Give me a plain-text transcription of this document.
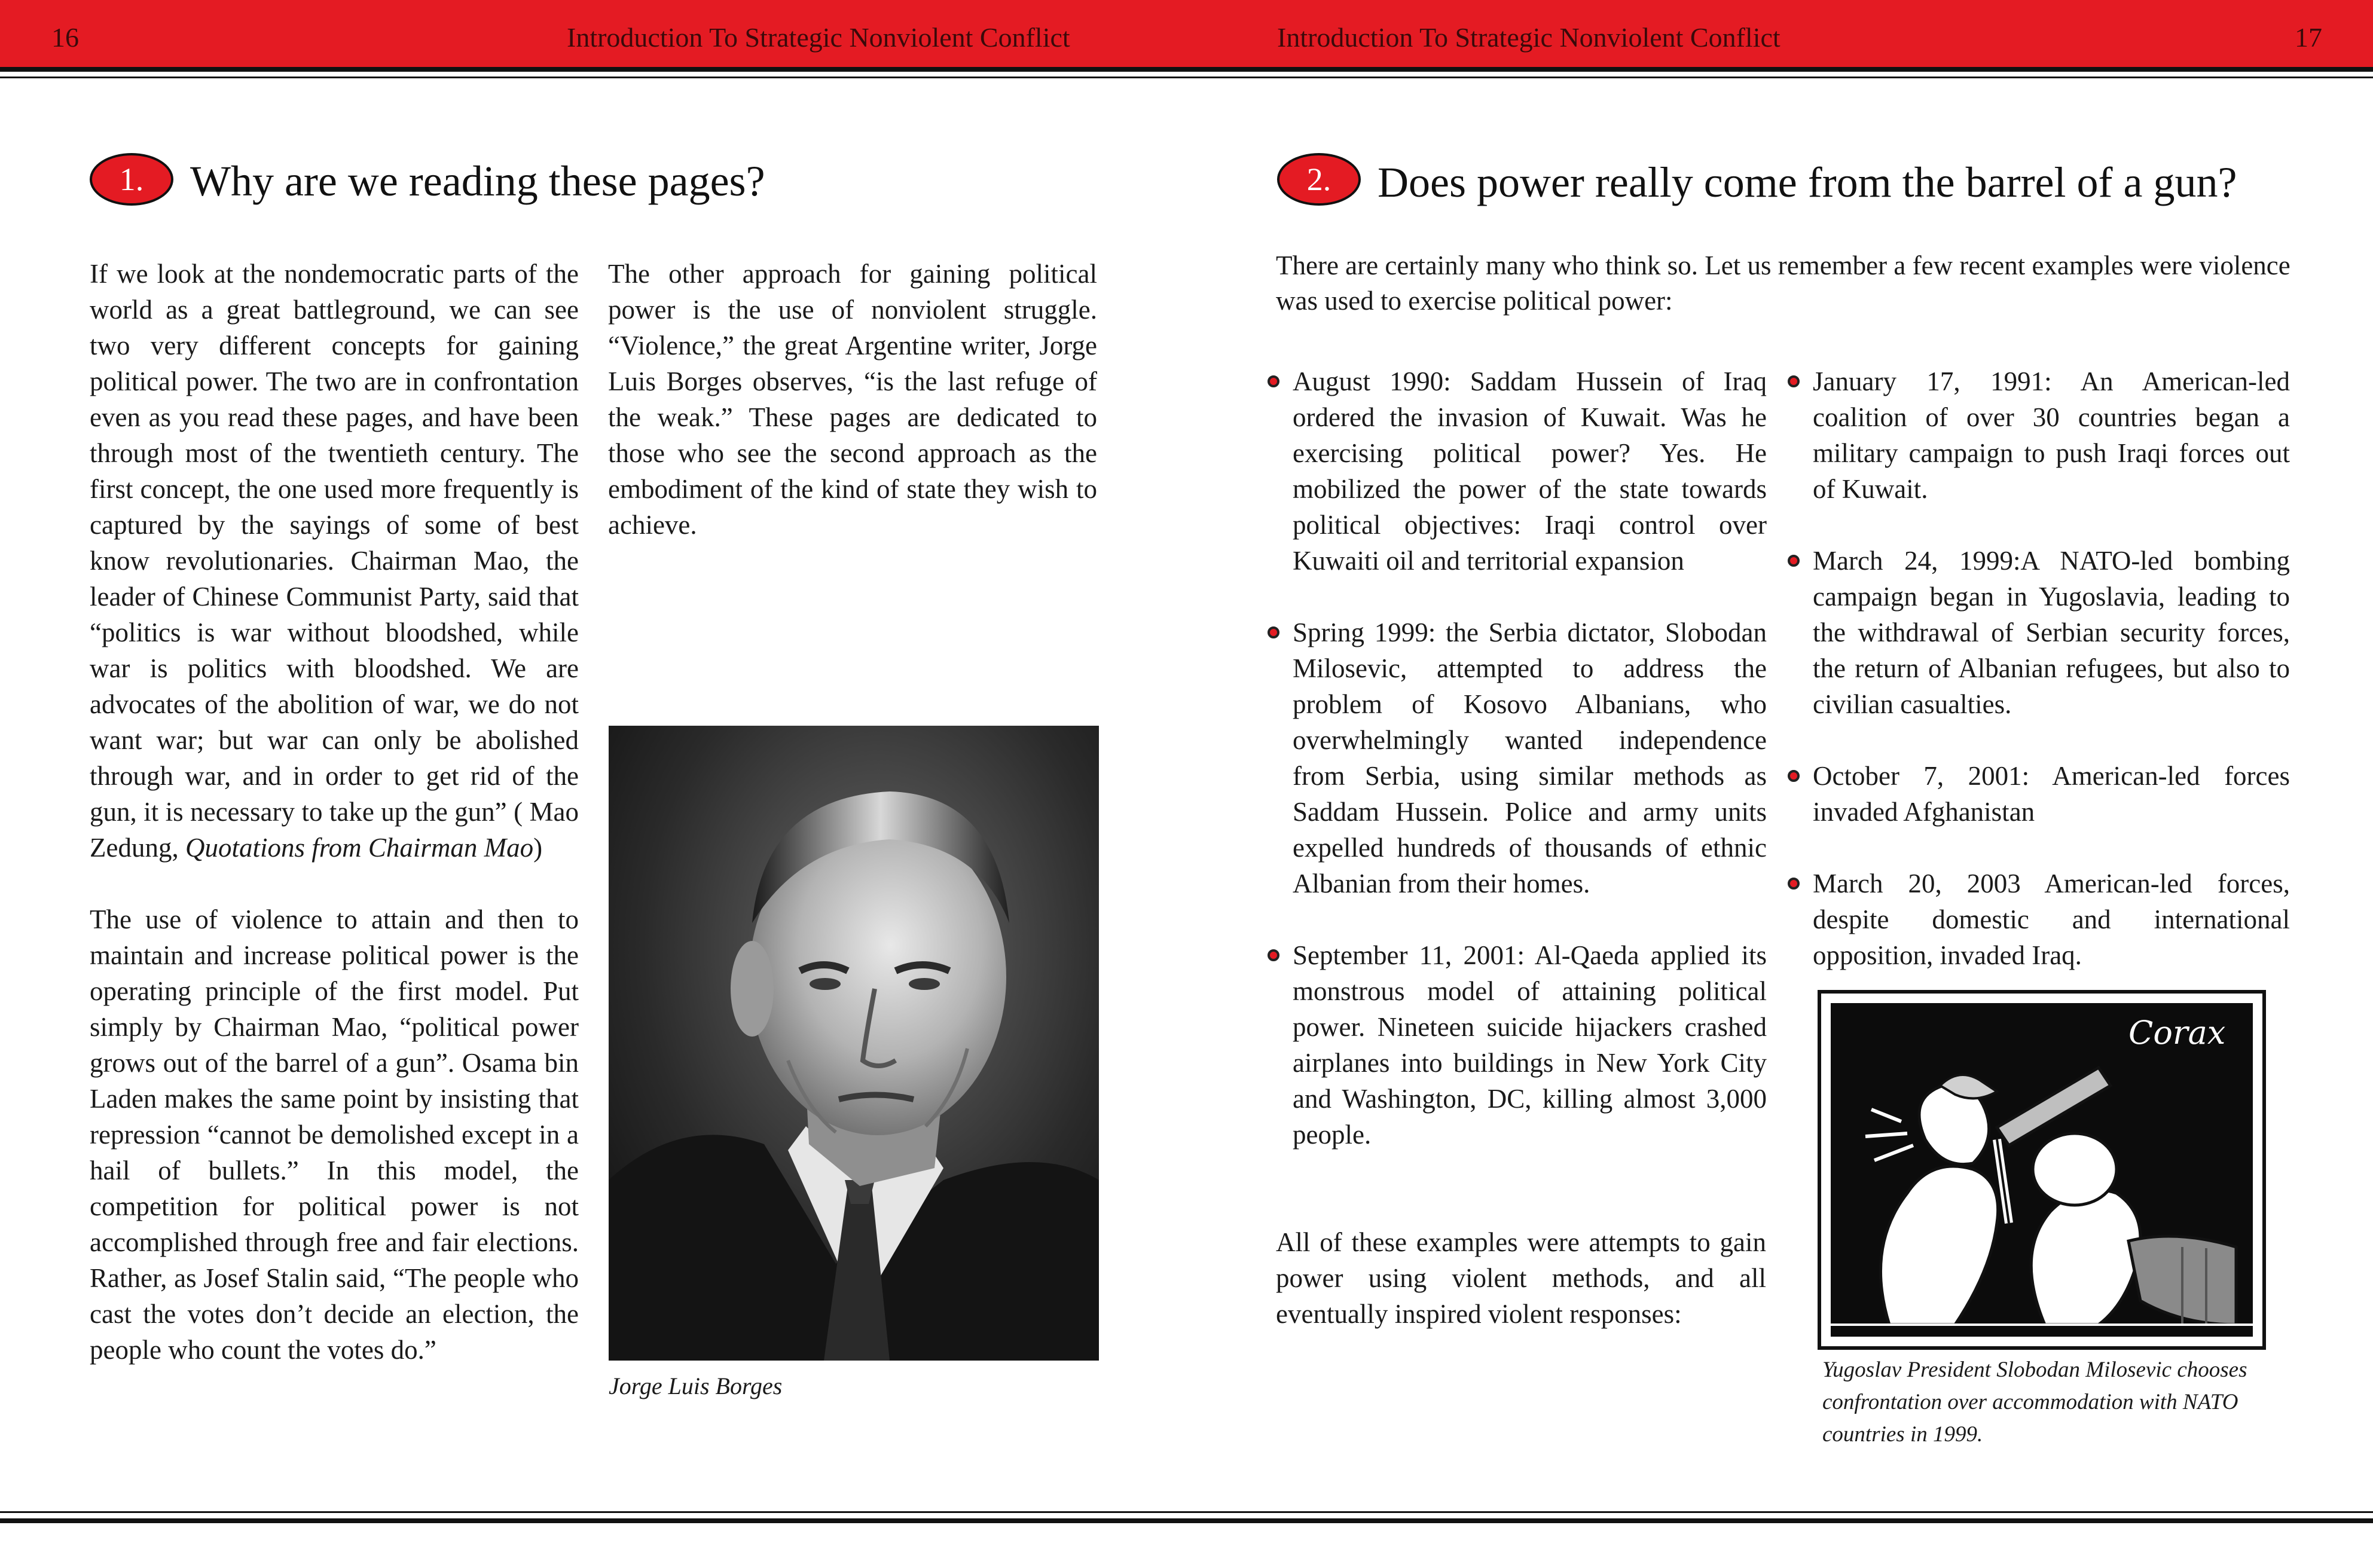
16	Introduction To Strategic Nonviolent Conflict	Introduction To Strategic Nonviolent Conflict	17
1.	Why are we reading these pages?

If we look at the nondemocratic parts of the world as a great battleground, we can see two very different concepts for gaining political power. The two are in confrontation even as you read these pages, and have been through most of the twentieth century. The first concept, the one used more frequently is captured by the sayings of some of best know revolutionaries. Chairman Mao, the leader of Chinese Communist Party, said that “politics is war without bloodshed, while war is politics with bloodshed. We are advocates of the abolition of war, we do not want war; but war can only be abolished through war, and in order to get rid of the gun, it is necessary to take up the gun” ( Mao Zedung, Quotations from Chairman Mao)

The use of violence to attain and then to maintain and increase political power is the operating principle of the first model. Put simply by Chairman Mao, “political power grows out of the barrel of a gun”. Osama bin Laden makes the same point by insisting that repression “cannot be demolished except in a hail of bullets.” In this model, the competition for political power is not accomplished through free and fair elections. Rather, as Josef Stalin said, “The people who cast the votes don’t decide an election, the people who count the votes do.”

The other approach for gaining political power is the use of nonviolent struggle. “Violence,” the great Argentine writer, Jorge Luis Borges observes, “is the last refuge of the weak.” These pages are dedicated to those who see the second approach as the embodiment of the kind of state they wish to achieve.

Jorge Luis Borges
2.	Does power really come from the barrel of a gun?
There are certainly many who think so. Let us remember a few recent examples were violence was used to exercise political power:
August 1990: Saddam Hussein of Iraq ordered the invasion of Kuwait. Was he exercising political power? Yes. He mobilized the power of the state towards political objectives: Iraqi control over Kuwaiti oil and territorial expansion
Spring 1999: the Serbia dictator, Slobodan Milosevic, attempted to address the problem of Kosovo Albanians, who overwhelmingly wanted independence from Serbia, using similar methods as Saddam Hussein. Police and army units expelled hundreds of thousands of ethnic Albanian from their homes.
September 11, 2001: Al-Qaeda applied its monstrous model of attaining political power. Nineteen suicide hijackers crashed airplanes into buildings in New York City and Washington, DC, killing almost 3,000 people.

All of these examples were attempts to gain power using violent methods, and all eventually inspired violent responses:

January 17, 1991: An American-led coalition of over 30 countries began a military campaign to push Iraqi forces out of Kuwait.
March 24, 1999:A NATO-led bombing campaign began in Yugoslavia, leading to the withdrawal of Serbian security forces, the return of Albanian refugees, but also to civilian casualties.
October 7, 2001: American-led forces invaded Afghanistan
March 20, 2003 American-led forces, despite domestic and international opposition, invaded Iraq.
Corax
Yugoslav President Slobodan Milosevic chooses confrontation over accommodation with NATO countries in 1999.
